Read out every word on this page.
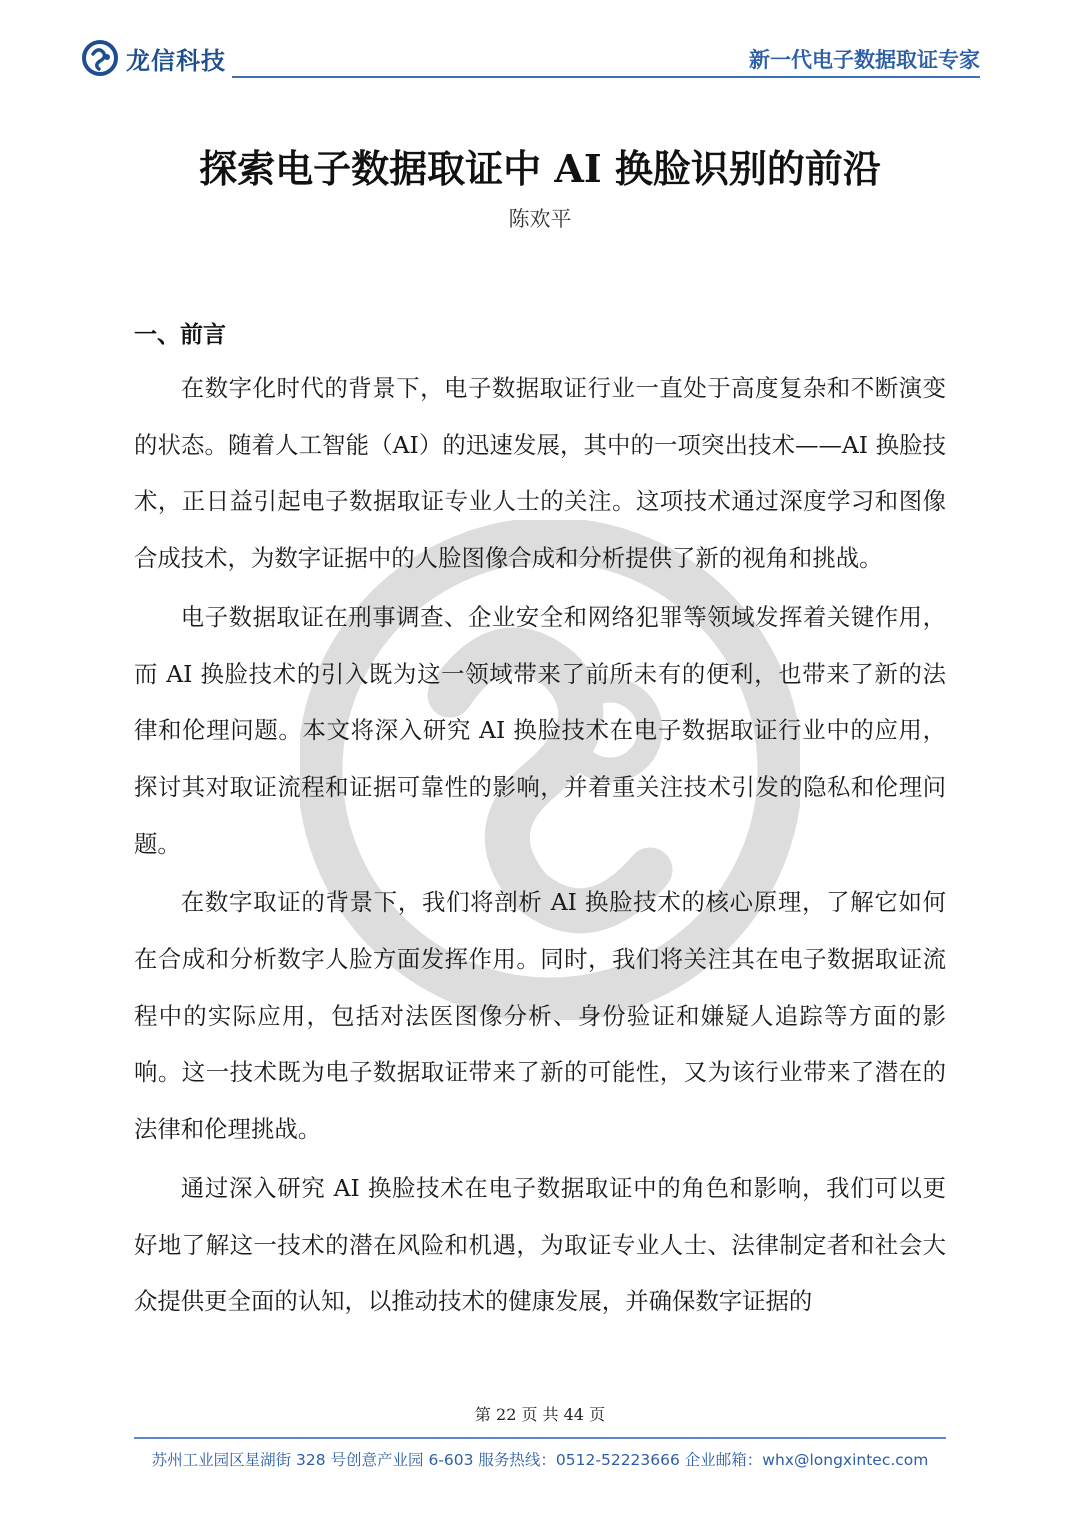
龙信科技	新一代电子数据取证专家
探索电子数据取证中 AI 换脸识别的前沿
陈欢平
一、前言

在数字化时代的背景下，电子数据取证行业一直处于高度复杂和不断演变的状态。随着人工智能（AI）的迅速发展，其中的一项突出技术——AI 换脸技术，正日益引起电子数据取证专业人士的关注。这项技术通过深度学习和图像合成技术，为数字证据中的人脸图像合成和分析提供了新的视角和挑战。

电子数据取证在刑事调查、企业安全和网络犯罪等领域发挥着关键作用，而 AI 换脸技术的引入既为这一领域带来了前所未有的便利，也带来了新的法律和伦理问题。本文将深入研究 AI 换脸技术在电子数据取证行业中的应用，探讨其对取证流程和证据可靠性的影响，并着重关注技术引发的隐私和伦理问题。

在数字取证的背景下，我们将剖析 AI 换脸技术的核心原理，了解它如何在合成和分析数字人脸方面发挥作用。同时，我们将关注其在电子数据取证流程中的实际应用，包括对法医图像分析、身份验证和嫌疑人追踪等方面的影响。这一技术既为电子数据取证带来了新的可能性，又为该行业带来了潜在的法律和伦理挑战。

通过深入研究 AI 换脸技术在电子数据取证中的角色和影响，我们可以更好地了解这一技术的潜在风险和机遇，为取证专业人士、法律制定者和社会大众提供更全面的认知，以推动技术的健康发展，并确保数字证据的

第 22 页 共 44 页
苏州工业园区星湖街 328 号创意产业园 6-603 服务热线：0512-52223666 企业邮箱：whx@longxintec.com
